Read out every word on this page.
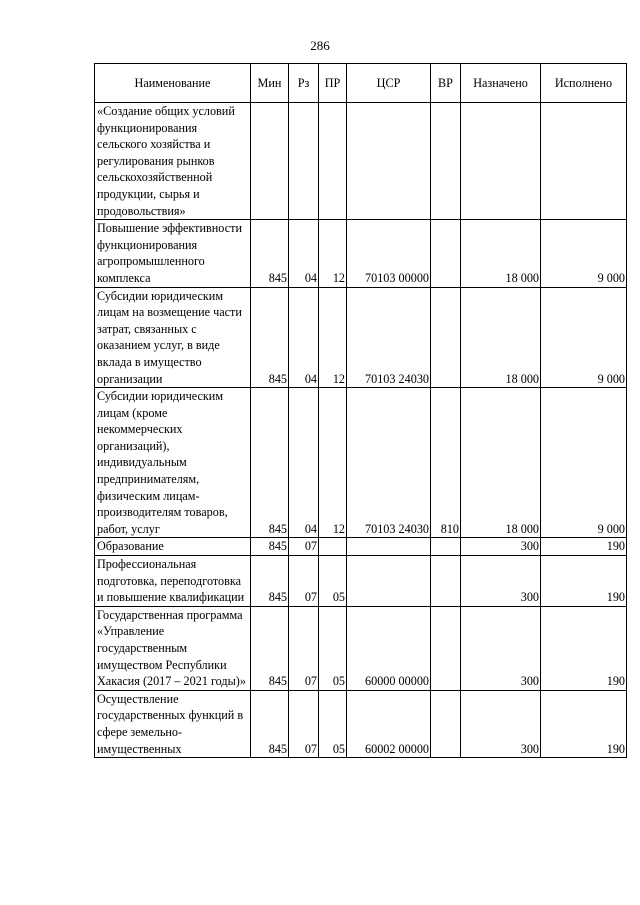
286
Наименование	Мин	Рз	ПР	ЦСР	ВР	Назначено	Исполнено
«Создание общих условий функционирования сельского хозяйства и регулирования рынков сельскохозяйственной продукции, сырья и продовольствия»							
Повышение эффективности функционирования агропромышленного комплекса	845	04	12	70103 00000		18 000	9 000
Субсидии юридическим лицам на возмещение части затрат, связанных с оказанием услуг, в виде вклада в имущество организации	845	04	12	70103 24030		18 000	9 000
Субсидии юридическим лицам (кроме некоммерческих организаций), индивидуальным предпринимателям, физическим лицам-производителям товаров, работ, услуг	845	04	12	70103 24030	810	18 000	9 000
Образование	845	07				300	190
Профессиональная подготовка, переподготовка и повышение квалификации	845	07	05			300	190
Государственная программа «Управление государственным имуществом Республики Хакасия (2017 – 2021 годы)»	845	07	05	60000 00000		300	190
Осуществление государственных функций в сфере земельно-имущественных	845	07	05	60002 00000		300	190
